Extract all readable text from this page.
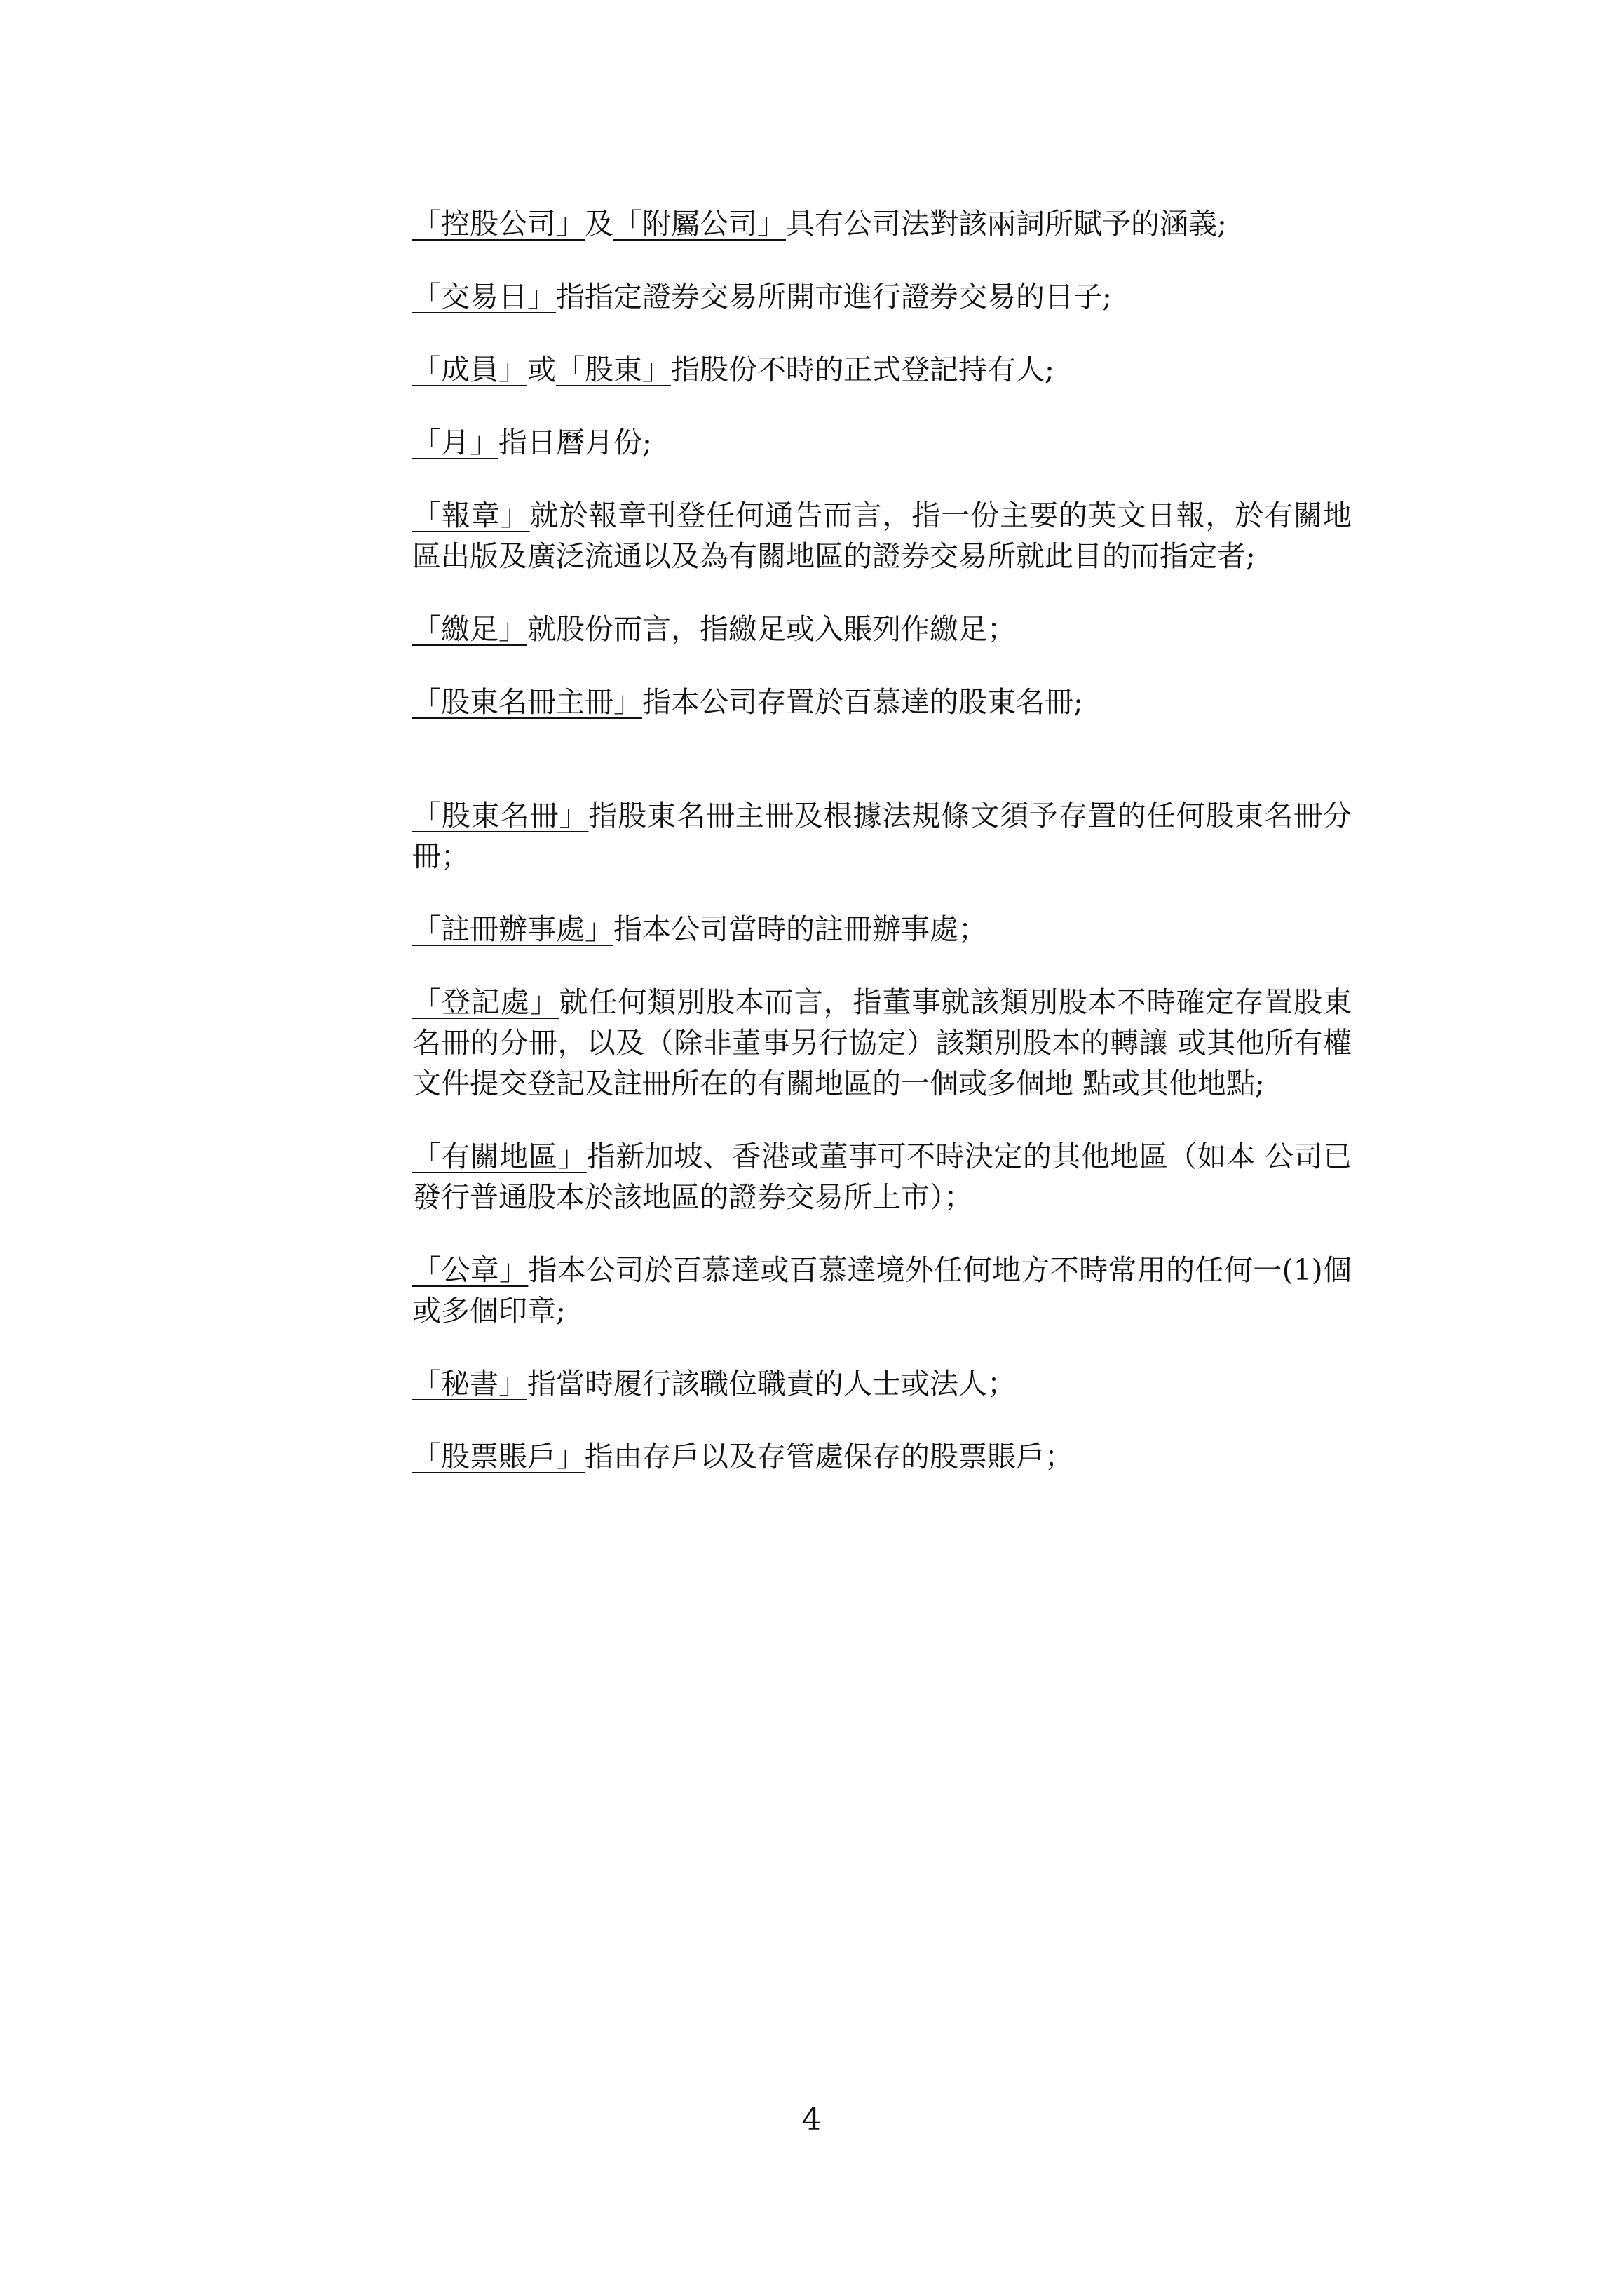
「控股公司」及「附屬公司」具有公司法對該兩詞所賦予的涵義;

「交易日」指指定證券交易所開市進行證券交易的日子;

「成員」或「股東」指股份不時的正式登記持有人;

「月」指日曆月份;

「報章」就於報章刊登任何通告而言，指一份主要的英文日報，於有關地區出版及廣泛流通以及為有關地區的證券交易所就此目的而指定者;

「繳足」就股份而言，指繳足或入賬列作繳足；

「股東名冊主冊」指本公司存置於百慕達的股東名冊;

「股東名冊」指股東名冊主冊及根據法規條文須予存置的任何股東名冊分冊；

「註冊辦事處」指本公司當時的註冊辦事處；

「登記處」就任何類別股本而言，指董事就該類別股本不時確定存置股東名冊的分冊，以及（除非董事另行協定）該類別股本的轉讓 或其他所有權文件提交登記及註冊所在的有關地區的一個或多個地 點或其他地點;

「有關地區」指新加坡、香港或董事可不時決定的其他地區（如本 公司已發行普通股本於該地區的證券交易所上市）；

「公章」指本公司於百慕達或百慕達境外任何地方不時常用的任何一(1)個或多個印章;

「秘書」指當時履行該職位職責的人士或法人；

「股票賬戶」指由存戶以及存管處保存的股票賬戶；

4
